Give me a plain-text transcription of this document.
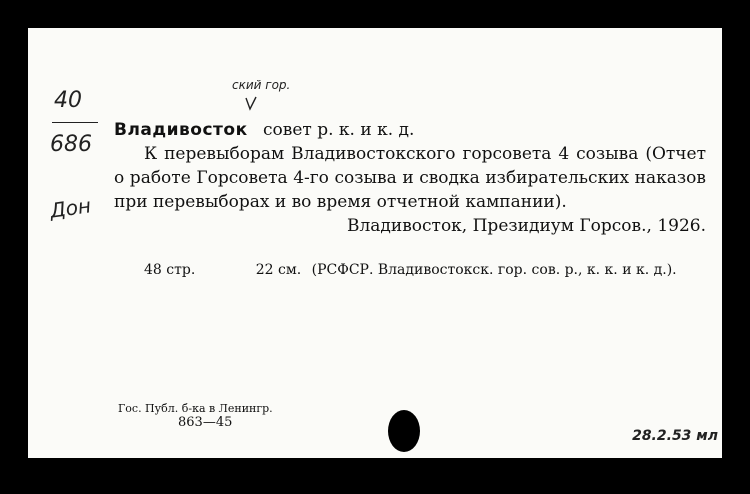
40
686
Дон
ский гор.
Владивосток совет р. к. и к. д.
К перевыборам Владивостокского горсовета 4 созыва (Отчет о работе Горсовета 4-го созыва и сводка избирательских наказов при перевыборах и во время отчетной кампании).
Владивосток, Президиум Горсов., 1926.
48 стр.	22 см. (РСФСР. Владивостокск. гор. сов. р., к. к. и к. д.).
Гос. Публ. б-ка в Ленингр.
863—45
28.2.53 мл
